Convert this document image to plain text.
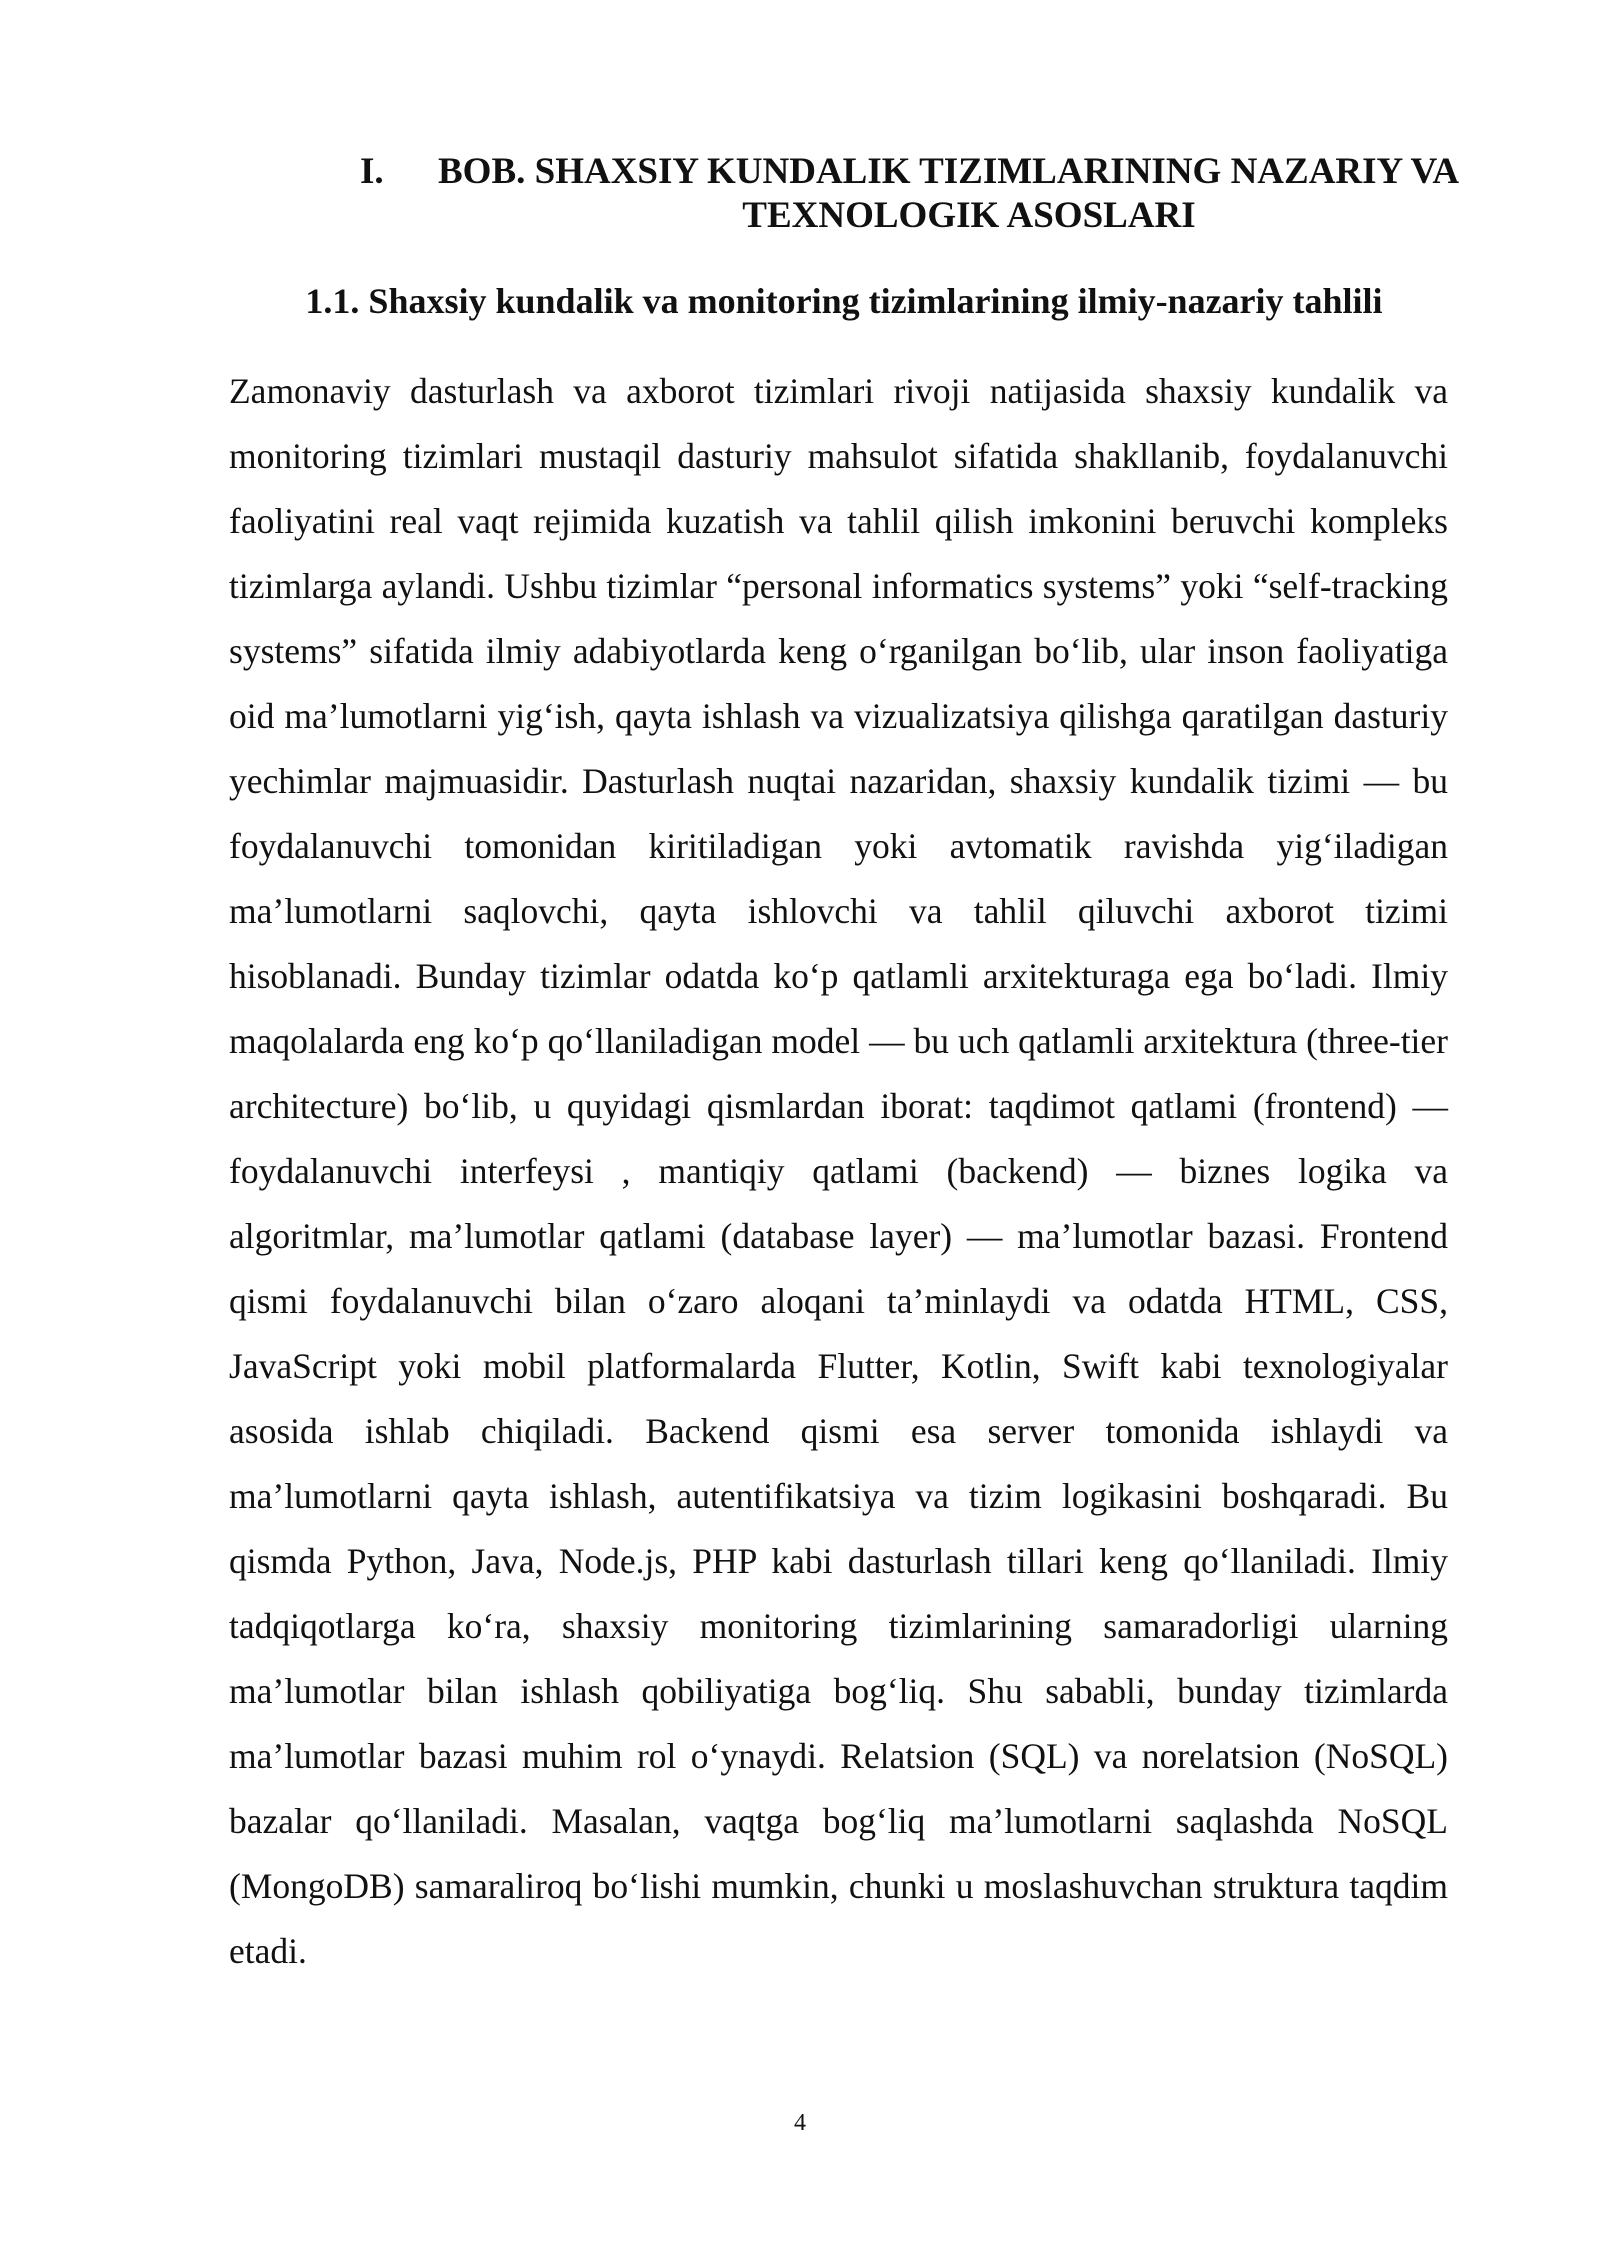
I.	BOB. SHAXSIY KUNDALIK TIZIMLARINING NAZARIY VA
TEXNOLOGIK ASOSLARI
1.1. Shaxsiy kundalik va monitoring tizimlarining ilmiy-nazariy tahlili

Zamonaviy dasturlash va axborot tizimlari rivoji natijasida shaxsiy kundalik va monitoring tizimlari mustaqil dasturiy mahsulot sifatida shakllanib, foydalanuvchi faoliyatini real vaqt rejimida kuzatish va tahlil qilish imkonini beruvchi kompleks tizimlarga aylandi. Ushbu tizimlar “personal informatics systems” yoki “self-tracking systems” sifatida ilmiy adabiyotlarda keng o‘rganilgan bo‘lib, ular inson faoliyatiga oid ma’lumotlarni yig‘ish, qayta ishlash va vizualizatsiya qilishga qaratilgan dasturiy yechimlar majmuasidir. Dasturlash nuqtai nazaridan, shaxsiy kundalik tizimi — bu foydalanuvchi tomonidan kiritiladigan yoki avtomatik ravishda yig‘iladigan ma’lumotlarni saqlovchi, qayta ishlovchi va tahlil qiluvchi axborot tizimi hisoblanadi. Bunday tizimlar odatda ko‘p qatlamli arxitekturaga ega bo‘ladi. Ilmiy maqolalarda eng ko‘p qo‘llaniladigan model — bu uch qatlamli arxitektura (three-tier architecture) bo‘lib, u quyidagi qismlardan iborat: taqdimot qatlami (frontend) — foydalanuvchi interfeysi , mantiqiy qatlami (backend) — biznes logika va algoritmlar, ma’lumotlar qatlami (database layer) — ma’lumotlar bazasi. Frontend qismi foydalanuvchi bilan o‘zaro aloqani ta’minlaydi va odatda HTML, CSS, JavaScript yoki mobil platformalarda Flutter, Kotlin, Swift kabi texnologiyalar asosida ishlab chiqiladi. Backend qismi esa server tomonida ishlaydi va ma’lumotlarni qayta ishlash, autentifikatsiya va tizim logikasini boshqaradi. Bu qismda Python, Java, Node.js, PHP kabi dasturlash tillari keng qo‘llaniladi. Ilmiy tadqiqotlarga ko‘ra, shaxsiy monitoring tizimlarining samaradorligi ularning ma’lumotlar bilan ishlash qobiliyatiga bog‘liq. Shu sababli, bunday tizimlarda ma’lumotlar bazasi muhim rol o‘ynaydi. Relatsion (SQL) va norelatsion (NoSQL) bazalar qo‘llaniladi. Masalan, vaqtga bog‘liq ma’lumotlarni saqlashda NoSQL (MongoDB) samaraliroq bo‘lishi mumkin, chunki u moslashuvchan struktura taqdim etadi.

4
